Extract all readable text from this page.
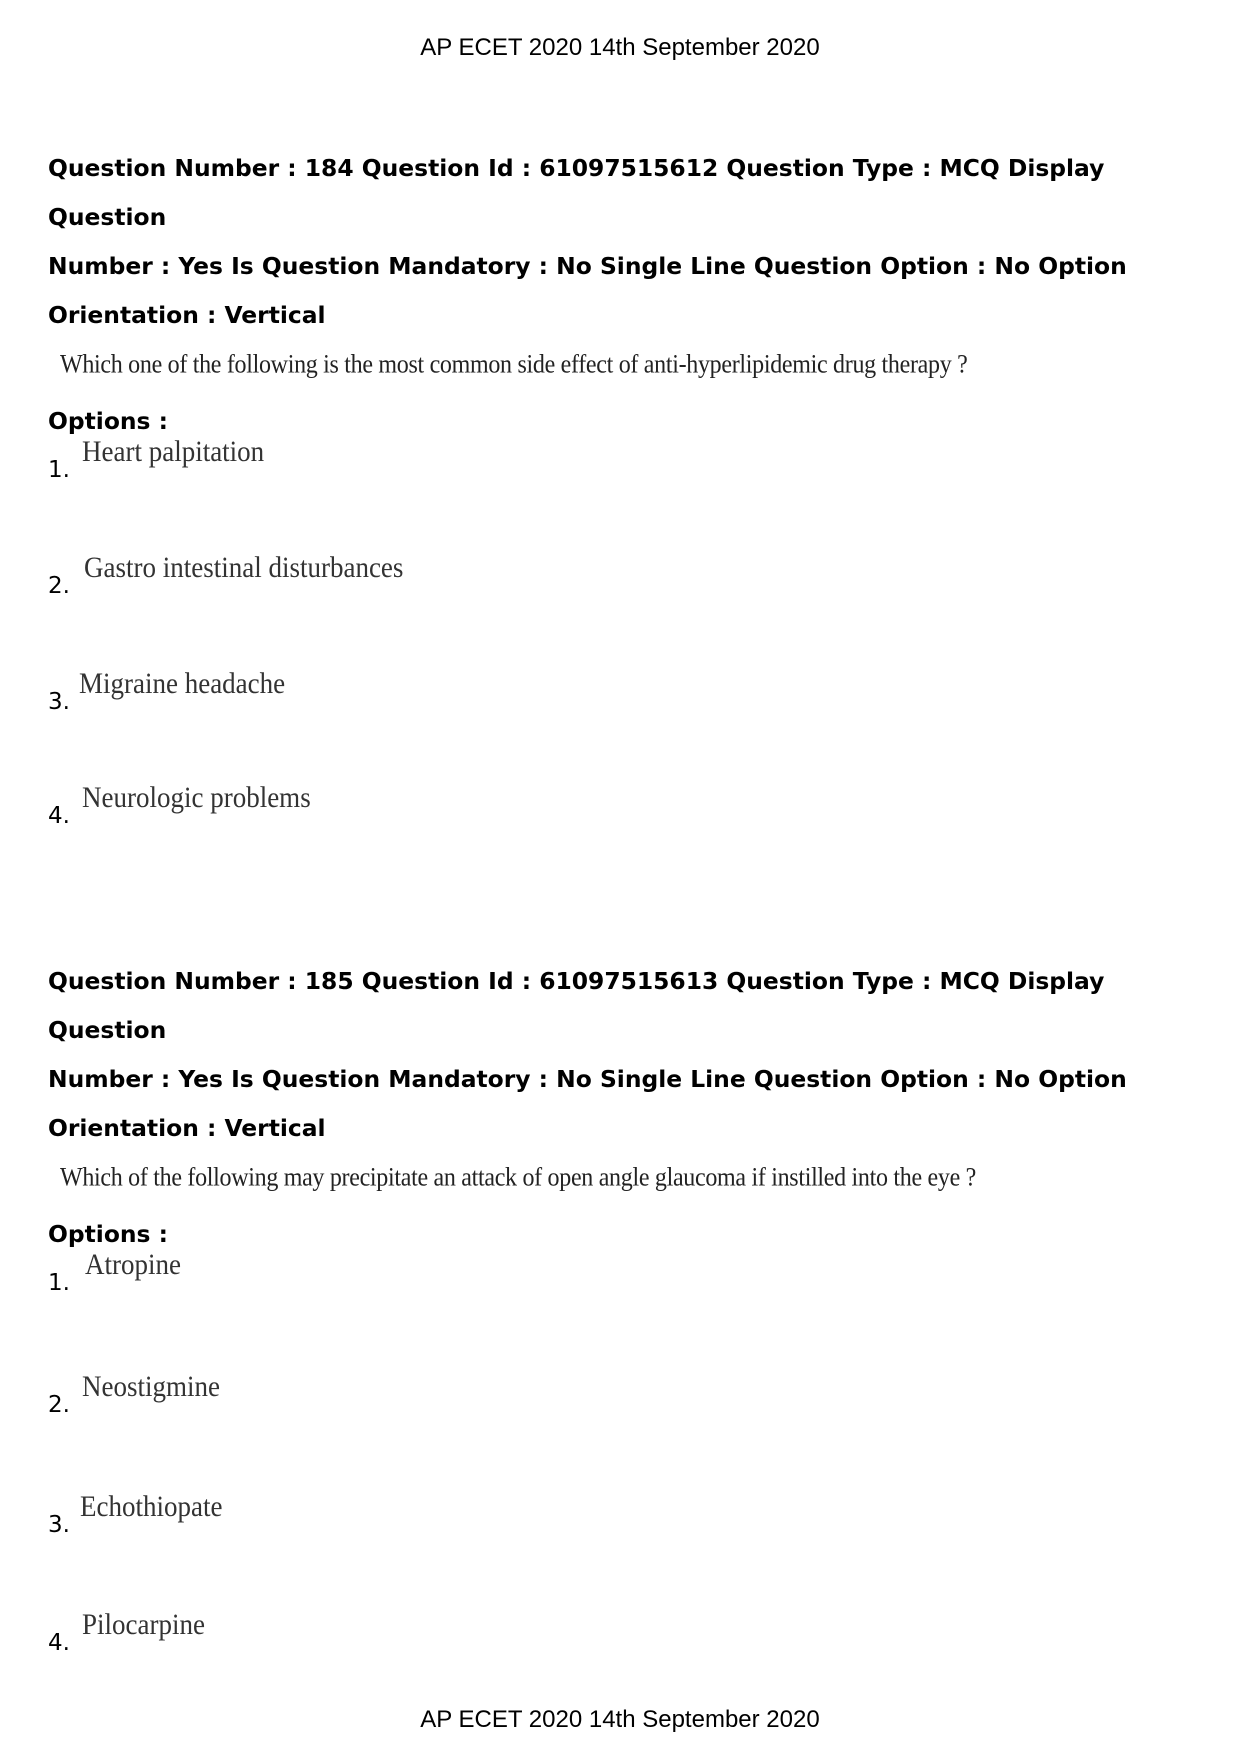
AP ECET 2020 14th September 2020
Question Number : 184 Question Id : 61097515612 Question Type : MCQ Display Question
Number : Yes Is Question Mandatory : No Single Line Question Option : No Option
Orientation : Vertical
Which one of the following is the most common side effect of anti-hyperlipidemic drug therapy ?
Options :
1.
Heart palpitation
2.
Gastro intestinal disturbances
3.
Migraine headache
4.
Neurologic problems
Question Number : 185 Question Id : 61097515613 Question Type : MCQ Display Question
Number : Yes Is Question Mandatory : No Single Line Question Option : No Option
Orientation : Vertical
Which of the following may precipitate an attack of open angle glaucoma if instilled into the eye ?
Options :
1.
Atropine
2.
Neostigmine
3.
Echothiopate
4.
Pilocarpine
AP ECET 2020 14th September 2020
